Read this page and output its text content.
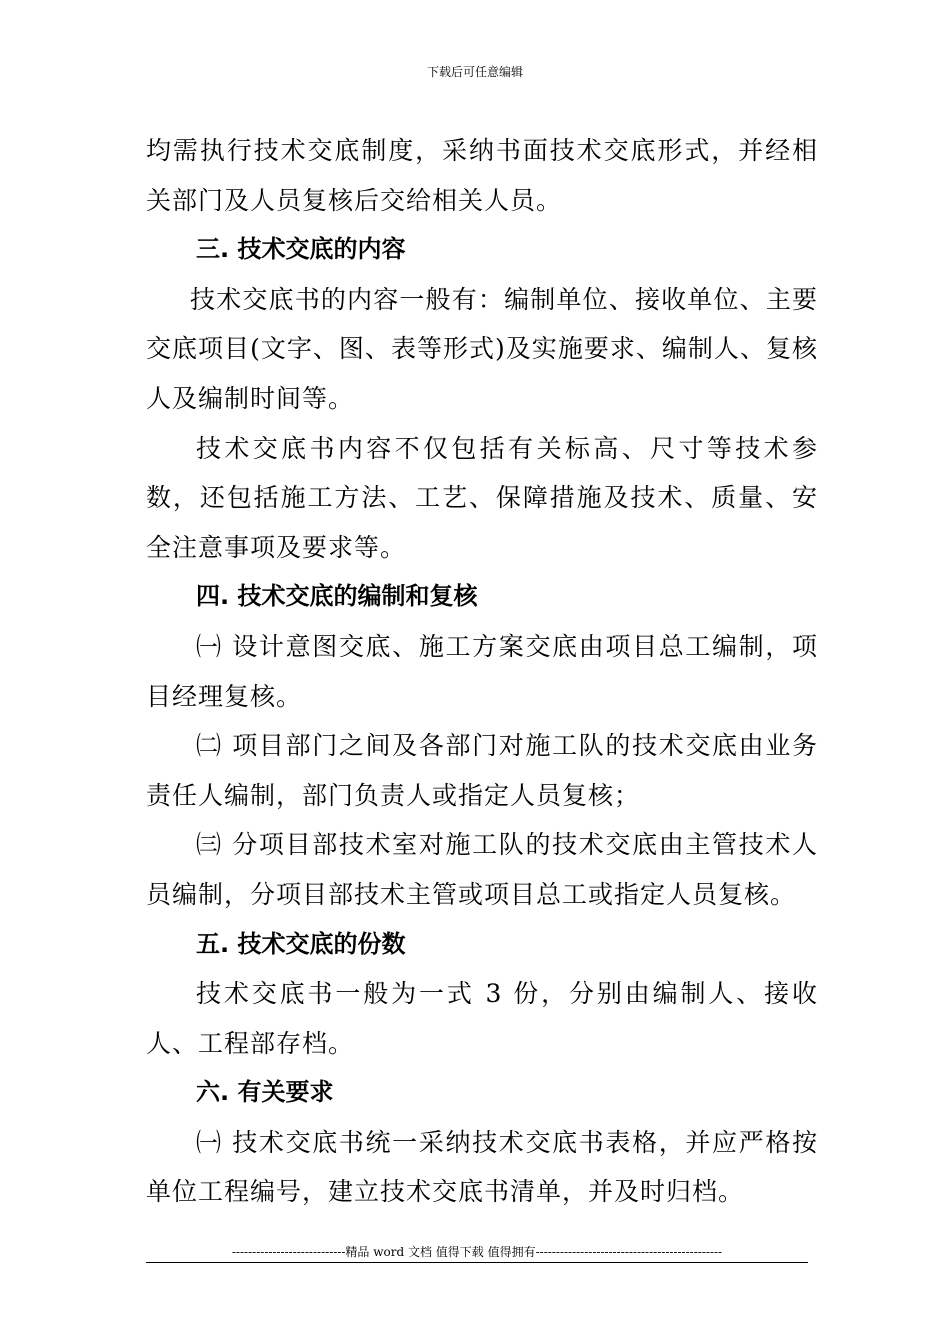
下载后可任意编辑

均需执行技术交底制度，采纳书面技术交底形式，并经相关部门及人员复核后交给相关人员。

三. 技术交底的内容

技术交底书的内容一般有：编制单位、接收单位、主要交底项目(文字、图、表等形式)及实施要求、编制人、复核人及编制时间等。

技术交底书内容不仅包括有关标高、尺寸等技术参数，还包括施工方法、工艺、保障措施及技术、质量、安全注意事项及要求等。

四. 技术交底的编制和复核

㈠ 设计意图交底、施工方案交底由项目总工编制，项目经理复核。

㈡ 项目部门之间及各部门对施工队的技术交底由业务责任人编制，部门负责人或指定人员复核；

㈢ 分项目部技术室对施工队的技术交底由主管技术人员编制，分项目部技术主管或项目总工或指定人员复核。

五. 技术交底的份数

技术交底书一般为一式 3 份，分别由编制人、接收人、工程部存档。

六. 有关要求

㈠ 技术交底书统一采纳技术交底书表格，并应严格按单位工程编号，建立技术交底书清单，并及时归档。

----------------------------精品 word 文档 值得下载 值得拥有----------------------------------------------
